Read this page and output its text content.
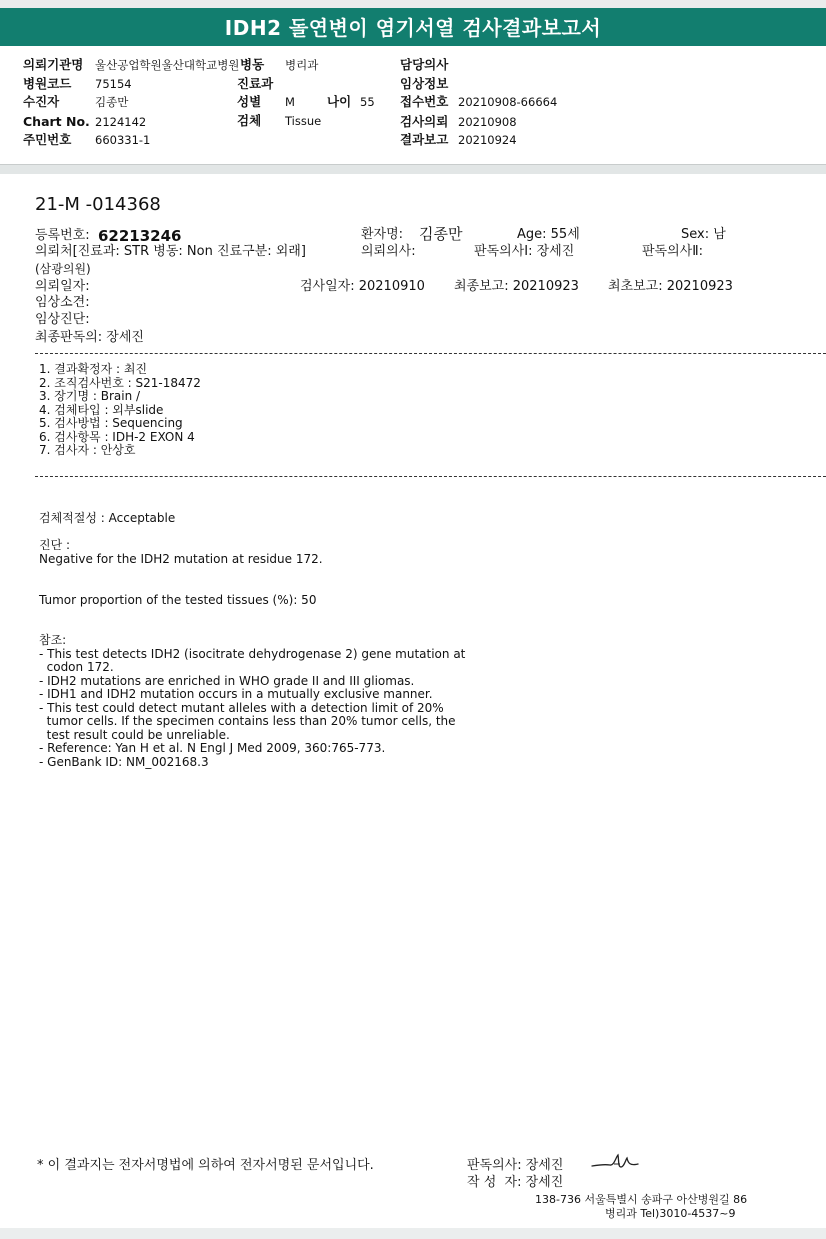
IDH2 돌연변이 염기서열 검사결과보고서
의뢰기관명 울산공업학원울산대학교병원 병동 병리과	담당의사
병원코드 75154	진료과	임상정보
수진자	김종만	성별 M	나이 55 접수번호 20210908-66664
Chart No. 2124142	검체 Tissue	검사의뢰 20210908
주민번호 660331-1	결과보고 20210924
21-M -014368
등록번호: 62213246	환자명: 김종만	Age: 55세	Sex: 남
의뢰처[진료과: STR 병동: Non 진료구분: 외래]	의뢰의사:	판독의사Ⅰ: 장세진	판독의사Ⅱ:
(삼광의원)
의뢰일자:	검사일자: 20210910 최종보고: 20210923 최초보고: 20210923
임상소견:
임상진단:
최종판독의: 장세진
1. 결과확정자 : 최진
2. 조직검사번호 : S21-18472
3. 장기명 : Brain /
4. 검체타입 : 외부slide
5. 검사방법 : Sequencing
6. 검사항목 : IDH-2 EXON 4
7. 검사자 : 안상호
검체적절성 : Acceptable
진단 :
Negative for the IDH2 mutation at residue 172.
Tumor proportion of the tested tissues (%): 50
참조:
- This test detects IDH2 (isocitrate dehydrogenase 2) gene mutation at
codon 172.
- IDH2 mutations are enriched in WHO grade II and III gliomas.
- IDH1 and IDH2 mutation occurs in a mutually exclusive manner.
- This test could detect mutant alleles with a detection limit of 20%
tumor cells. If the specimen contains less than 20% tumor cells, the
test result could be unreliable.
- Reference: Yan H et al. N Engl J Med 2009, 360:765-773.
- GenBank ID: NM_002168.3
* 이 결과지는 전자서명법에 의하여 전자서명된 문서입니다.	판독의사: 장세진
작 성  자: 장세진
138-736 서울특별시 송파구 아산병원길 86
병리과 Tel)3010-4537~9
